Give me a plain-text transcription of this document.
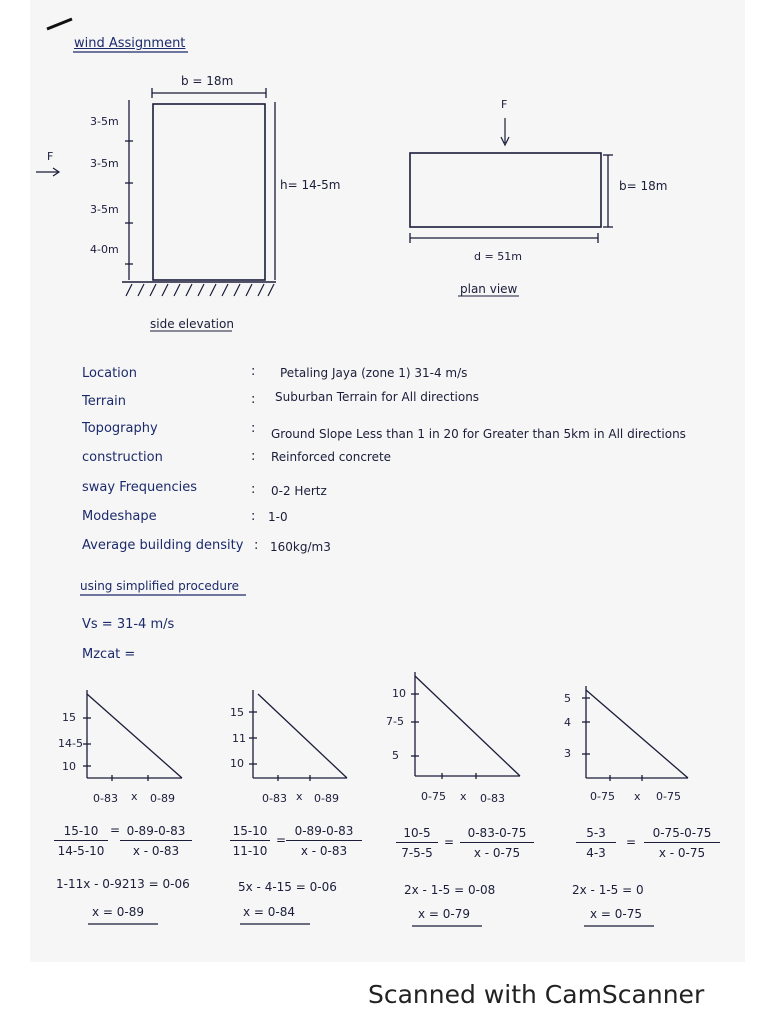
wind Assignment
b = 18m
h= 14-5m
3-5m
3-5m
3-5m
4-0m
F
side elevation
F
b= 18m
d = 51m
plan view
Location	: Petaling Jaya (zone 1) 31-4 m/s
Terrain	: Suburban Terrain for All directions
Topography	: Ground Slope Less than 1 in 20 for Greater than 5km in All directions
construction	: Reinforced concrete
sway Frequencies	: 0-2 Hertz
Modeshape	: 1-0
Average building density : 160kg/m3
using simplified procedure
Vs = 31-4 m/s
Mzcat =
15
14-5
10
0-83 x 0-89
15
11
10
0-83 x 0-89
10
7-5
5
0-75 x 0-83
5
4
3
0-75 x 0-75
$\frac{15-10}{14-5-10} = \frac{0-89-0-83}{x - 0-83}$
1-11x - 0-9213 = 0-06
x = 0-89
$\frac{15-10}{11-10} = \frac{0-89-0-83}{x - 0-83}$
5x - 4-15 = 0-06
x = 0-84
$\frac{10-5}{7-5-5} = \frac{0-83-0-75}{x - 0-75}$
2x - 1-5 = 0-08
x = 0-79
$\frac{5-3}{4-3} = \frac{0-75-0-75}{x - 0-75}$
2x - 1-5 = 0
x = 0-75
Scanned with CamScanner
